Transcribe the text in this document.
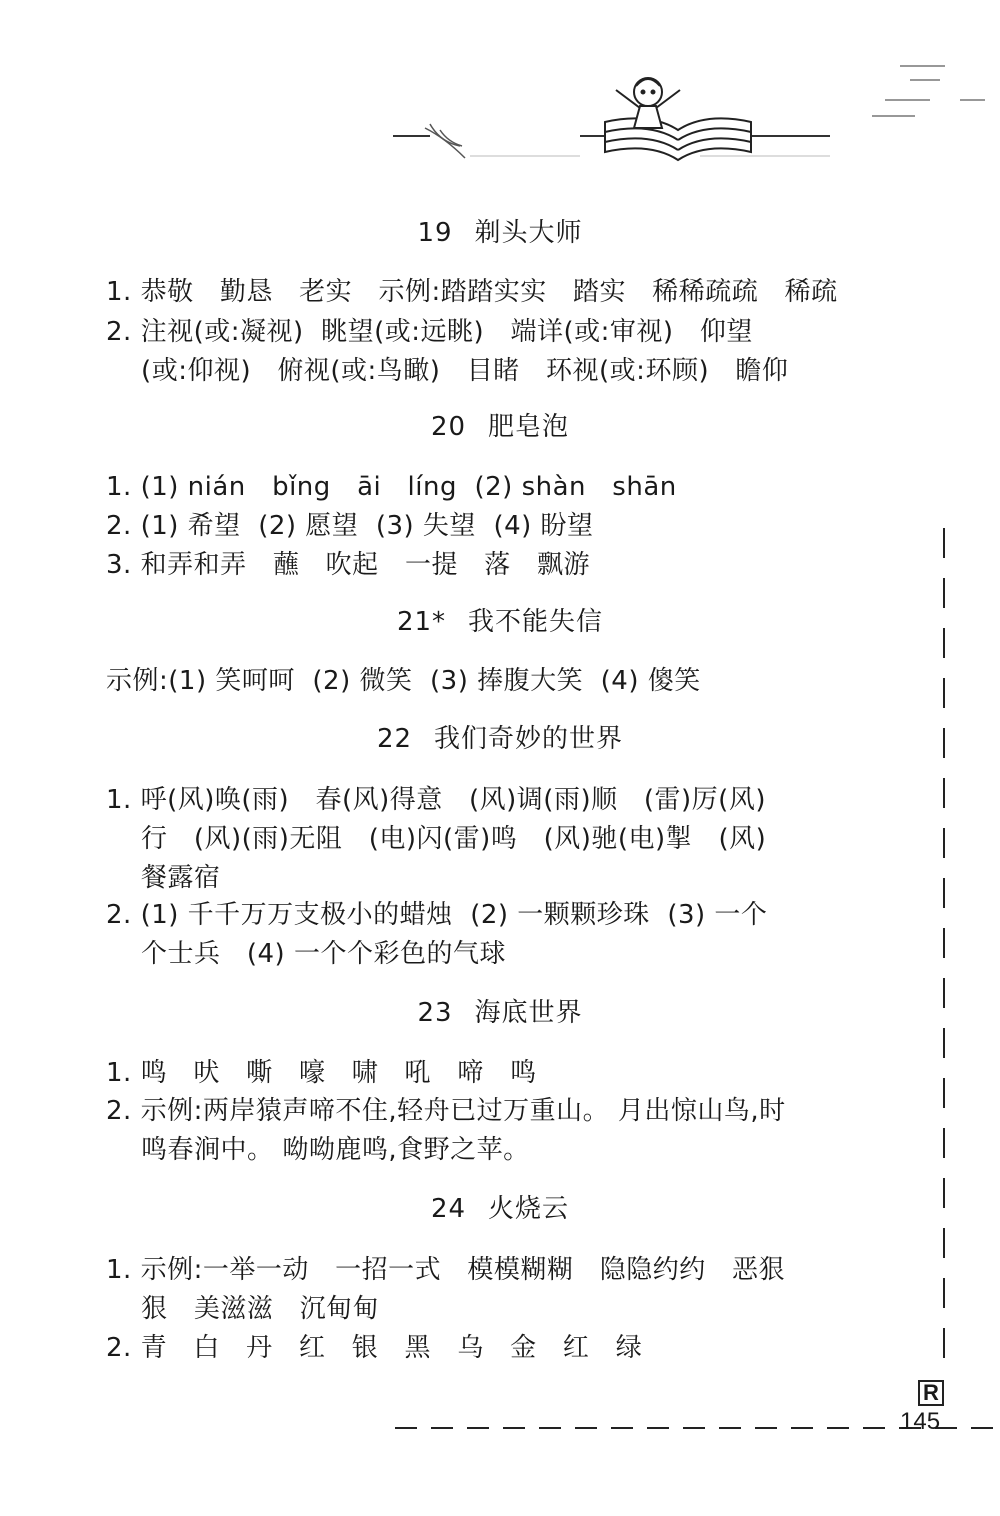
19 剃头大师
1. 恭敬   勤恳   老实   示例:踏踏实实   踏实   稀稀疏疏   稀疏
2. 注视(或:凝视)  眺望(或:远眺)   端详(或:审视)   仰望
(或:仰视)   俯视(或:鸟瞰)   目睹   环视(或:环顾)   瞻仰
20 肥皂泡
1. (1) nián   bǐng   āi   líng  (2) shàn   shān
2. (1) 希望  (2) 愿望  (3) 失望  (4) 盼望
3. 和弄和弄   蘸   吹起   一提   落   飘游
21* 我不能失信
示例:(1) 笑呵呵  (2) 微笑  (3) 捧腹大笑  (4) 傻笑
22 我们奇妙的世界
1. 呼(风)唤(雨)   春(风)得意   (风)调(雨)顺   (雷)厉(风)
行   (风)(雨)无阻   (电)闪(雷)鸣   (风)驰(电)掣   (风)
餐露宿
2. (1) 千千万万支极小的蜡烛  (2) 一颗颗珍珠  (3) 一个
个士兵   (4) 一个个彩色的气球
23 海底世界
1. 鸣   吠   嘶   嚎   啸   吼   啼   鸣
2. 示例:两岸猿声啼不住,轻舟已过万重山。 月出惊山鸟,时
鸣春涧中。 呦呦鹿鸣,食野之苹。
24 火烧云
1. 示例:一举一动   一招一式   模模糊糊   隐隐约约   恶狠
狠   美滋滋   沉甸甸
2. 青   白   丹   红   银   黑   乌   金   红   绿
R
145
